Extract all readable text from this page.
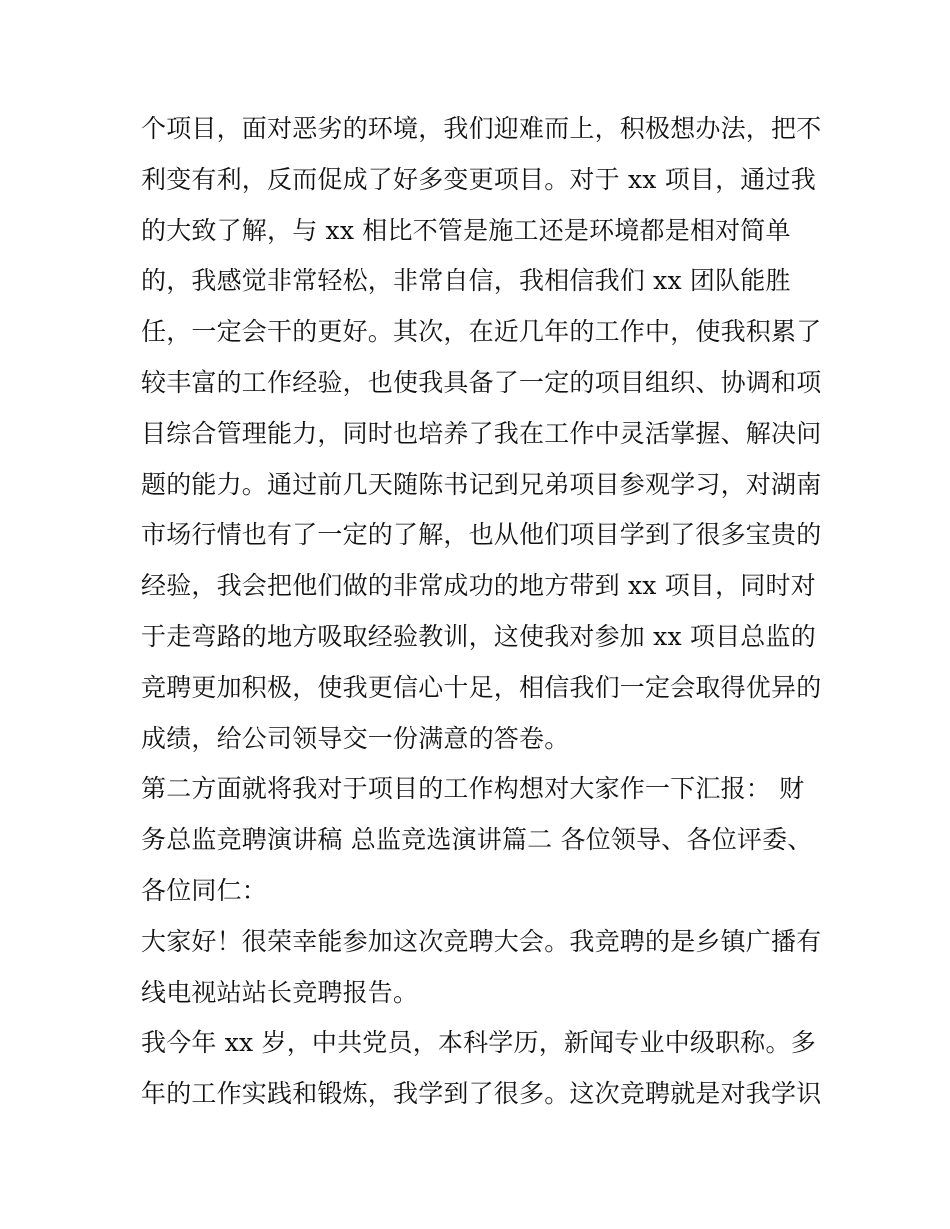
个项目，面对恶劣的环境，我们迎难而上，积极想办法，把不
利变有利，反而促成了好多变更项目。对于 xx 项目，通过我
的大致了解，与 xx 相比不管是施工还是环境都是相对简单
的，我感觉非常轻松，非常自信，我相信我们 xx 团队能胜
任，一定会干的更好。其次，在近几年的工作中，使我积累了
较丰富的工作经验，也使我具备了一定的项目组织、协调和项
目综合管理能力，同时也培养了我在工作中灵活掌握、解决问
题的能力。通过前几天随陈书记到兄弟项目参观学习，对湖南
市场行情也有了一定的了解，也从他们项目学到了很多宝贵的
经验，我会把他们做的非常成功的地方带到 xx 项目，同时对
于走弯路的地方吸取经验教训，这使我对参加 xx 项目总监的
竞聘更加积极，使我更信心十足，相信我们一定会取得优异的
成绩，给公司领导交一份满意的答卷。
第二方面就将我对于项目的工作构想对大家作一下汇报： 财
务总监竞聘演讲稿 总监竞选演讲篇二 各位领导、各位评委、
各位同仁：
大家好！很荣幸能参加这次竞聘大会。我竞聘的是乡镇广播有
线电视站站长竞聘报告。
我今年 xx 岁，中共党员，本科学历，新闻专业中级职称。多
年的工作实践和锻炼，我学到了很多。这次竞聘就是对我学识
